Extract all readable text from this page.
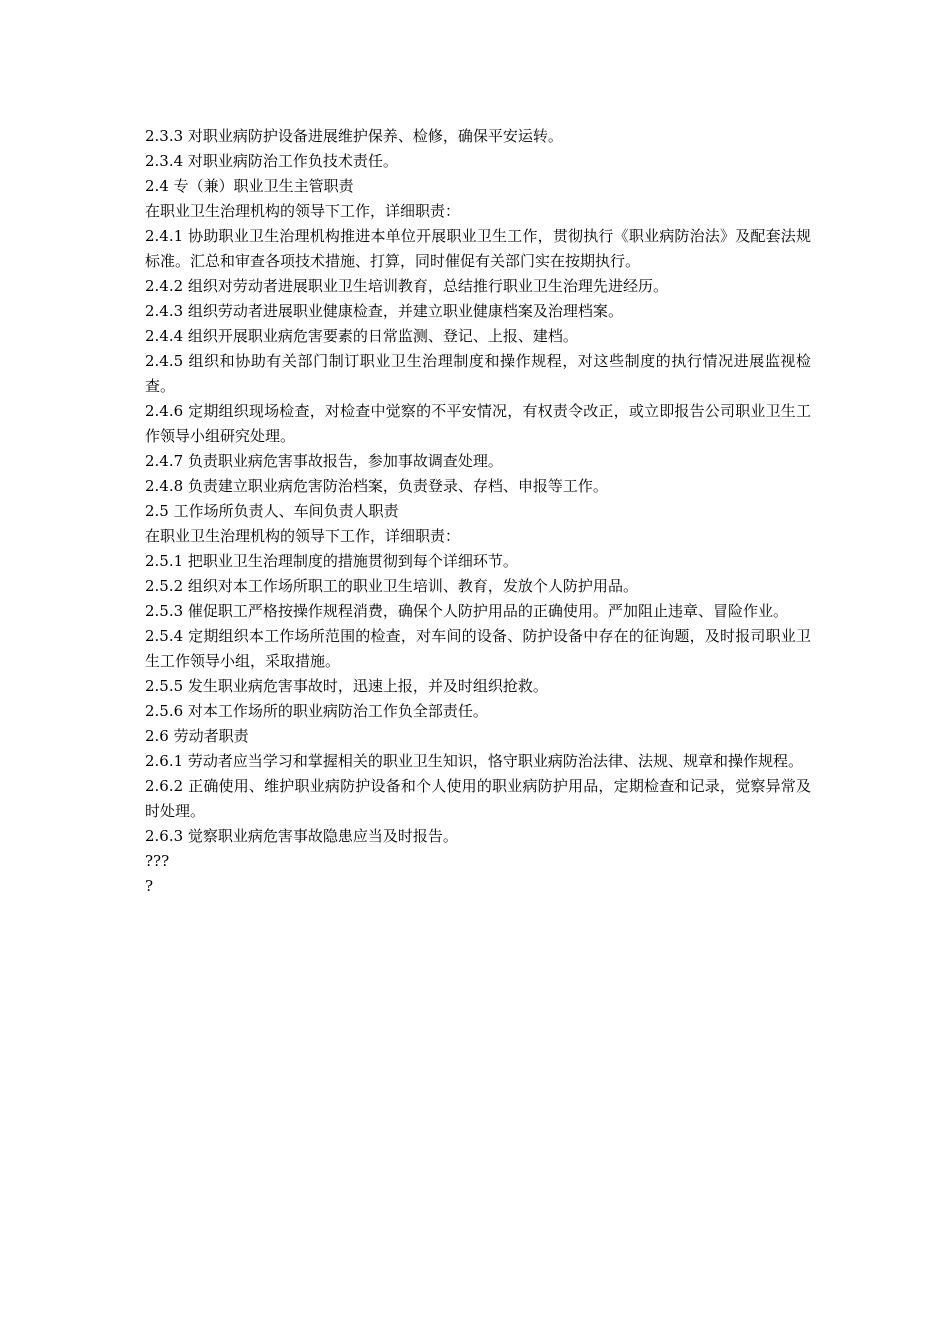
2.3.3 对职业病防护设备进展维护保养、检修，确保平安运转。

2.3.4 对职业病防治工作负技术责任。

2.4 专（兼）职业卫生主管职责

在职业卫生治理机构的领导下工作，详细职责：

2.4.1 协助职业卫生治理机构推进本单位开展职业卫生工作，贯彻执行《职业病防治法》及配套法规标准。汇总和审查各项技术措施、打算，同时催促有关部门实在按期执行。

2.4.2 组织对劳动者进展职业卫生培训教育，总结推行职业卫生治理先进经历。

2.4.3 组织劳动者进展职业健康检查，并建立职业健康档案及治理档案。

2.4.4 组织开展职业病危害要素的日常监测、登记、上报、建档。

2.4.5 组织和协助有关部门制订职业卫生治理制度和操作规程，对这些制度的执行情况进展监视检查。

2.4.6 定期组织现场检查，对检查中觉察的不平安情况，有权责令改正，或立即报告公司职业卫生工作领导小组研究处理。

2.4.7 负责职业病危害事故报告，参加事故调查处理。

2.4.8 负责建立职业病危害防治档案，负责登录、存档、申报等工作。

2.5 工作场所负责人、车间负责人职责

在职业卫生治理机构的领导下工作，详细职责：

2.5.1 把职业卫生治理制度的措施贯彻到每个详细环节。

2.5.2 组织对本工作场所职工的职业卫生培训、教育，发放个人防护用品。

2.5.3 催促职工严格按操作规程消费，确保个人防护用品的正确使用。严加阻止违章、冒险作业。

2.5.4 定期组织本工作场所范围的检查，对车间的设备、防护设备中存在的征询题，及时报司职业卫生工作领导小组，采取措施。

2.5.5 发生职业病危害事故时，迅速上报，并及时组织抢救。

2.5.6 对本工作场所的职业病防治工作负全部责任。

2.6 劳动者职责

2.6.1 劳动者应当学习和掌握相关的职业卫生知识，恪守职业病防治法律、法规、规章和操作规程。

2.6.2 正确使用、维护职业病防护设备和个人使用的职业病防护用品，定期检查和记录，觉察异常及时处理。

2.6.3 觉察职业病危害事故隐患应当及时报告。

???

?
